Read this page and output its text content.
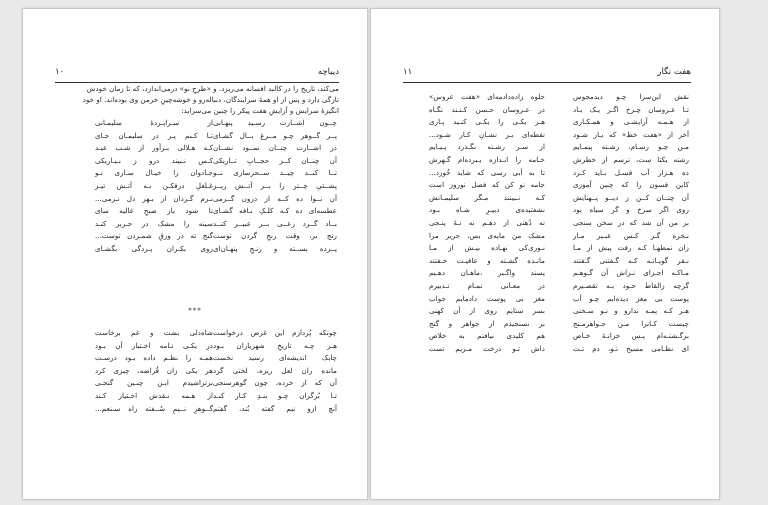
۱۰	دیباچه
می‌کند، تاریخ را در کالبد افسانه می‌ریزد. و «طرحِ نو» درمی‌اندازد، که تا زمان خودش
تازگی دارد و پس از او همهٔ سرایندگان، دنباله‌رو و خوشه‌چینِ خرمن وی بوده‌اند. او خود
انگیزهٔ سرایش و آرایشِ هفت پیکر را چنین می‌سراید:
چــون اشــارت رسـید پنهـانی
پــر گــوهر چـو مــرغ بــال گشـای
در اشــارت چنــان نمــود نشــان
آن چنــان کــز حجــابِ تــاریکی
تــا کنــد چیــد ســحرسازی نــو
پشــتیِ چــتر را بــر آتــش ریــز
آن نــوا ده کــه از درون گــرمی
عطسه‌ای ده کـه کلـکِ نـافه گشـای
بــاد گــرد رعــی بــر عبیــر کنــد
رنج بر، وقت رنجِ گردن توست
پــرده بســته و رنـجِ پنهـان‌ای
از سـراپـردهٔ سلیمـانی
تـا کـنم پـر در سلیمـان جـای
کـه هـلالی بـرآور از شـب عیـد
کـس نـبیند درو ز بـیـاریکی
جـادوان را خیـال سـازی نـو
غـلغلِ درفکـن بـه آتـش تیـز
نـرم گـردان از بـهر دل نـرمی...
تا شود باز صبحِ غالیه سای
سینه را مشک در حـریر کنـد
گنج ته در ورقِ شمـردن توست...
روی بکـران پـردگی بگشـای
***
چونکه پُردازم این غرض درخواست
هـر چـه تاریخِ شهریاران بـود
چابک اندیشه‌ای رسید نخست
مانده زان لعل ریزه، لختی گرد
آن که از خرده، چون گوهرسنجی
تـا بُرگزان چـو بنـدِ کـار کنـد
آنچ ازو نیم گفته بُند، گفتم
شاه‌دلی بشت و غم برخاست
در یکـی نـامه اخـتیار آن بـود
همـه را نظـم داده بـود درسـت
هر یکی زان قُراضه، چیزی کرد
برتراشیدم ایـن چنـین گنجـی
از هـمه نـقدش اخـتیار کـند
گــوهرِ نــیمِ سُــفته راه سـنعم...
۱۱	هفت نگار
نقش این‌سرا چـو دیدمجوس
تـا عـروسان چـرخ اگـر یـک بـاد
از هـمـه آرایشـی و همـکـاری
آخر از «هفت خط» که یـار شـود
مـن چـو رسـام، رشـته پیمـایم
رشته یکتا ست، ترسم از خطرش
ده هـزار آب فسـل بـاید کـرد
کاین فسون را که چنین آموزی
آن چنــان کــن ز دیــو پــهنایش
روی اگر سرخ و گر سیاه بود
بر من آن شد که در سخن سنجی
نـخره گـر کـس عبـیر مـار
زان نمطهـا کـه رفت پیش از مـا
نـقر گویـاتـه کـه گـفتنی گـفتند
مـاکـه اجـزای نـزاش آن گـوهـم
گرچه زالقاط حـود بـه تقصـیرم
پوست بی مغز دیده‌ایم چـو آب
هـر کـه پمـه ندارو و نـو سـخنی
چیست کـانرا مـن جـواهرمـنج
برگـشتـه‌ام پـس خزانـهٔ خـاص
ای نظـامی مسیح تـو، دم تـت
جلوه زاده‌دادمه‌ای «هفت عروس»
در عـروسان حـسن کـنـند نگـاه
هـر یکـی را یکـی کنـید پـاری
نقطه‌ای بـر نشـانِ کـار شـود...
از سـر رشـته نگـذرد پـیـایم
خـامه را انـدازه بـبرده‌ام گـهرش
تا به آبی رسی که شاید خُورد...
جامه نو کن که فصل نوروز است
کـه نـبینند مـگر سلیمـانش
نشفتیده‌ی دبیـرِ شـاه بـود
نه دُهنی از دهـم نه نـهٔ پنـجی
مشک من مایه‌ی بس، حریر مرا
نـوری‌کی نهـاده بیـش از مـا
مانـده گشـته و عافیـت خـفتند
پسند واگـبر ،ماهـان دهـیم
در معـانی تمـام تـدبیرم
مغز بی پوست دادمایم جواب
بسر ستایم روی از آن کهنی
بر نسنجیدم از جواهر و گنج
هم کلیدی نیافتم به خلاص
داش تـو درخت مـریم تست
